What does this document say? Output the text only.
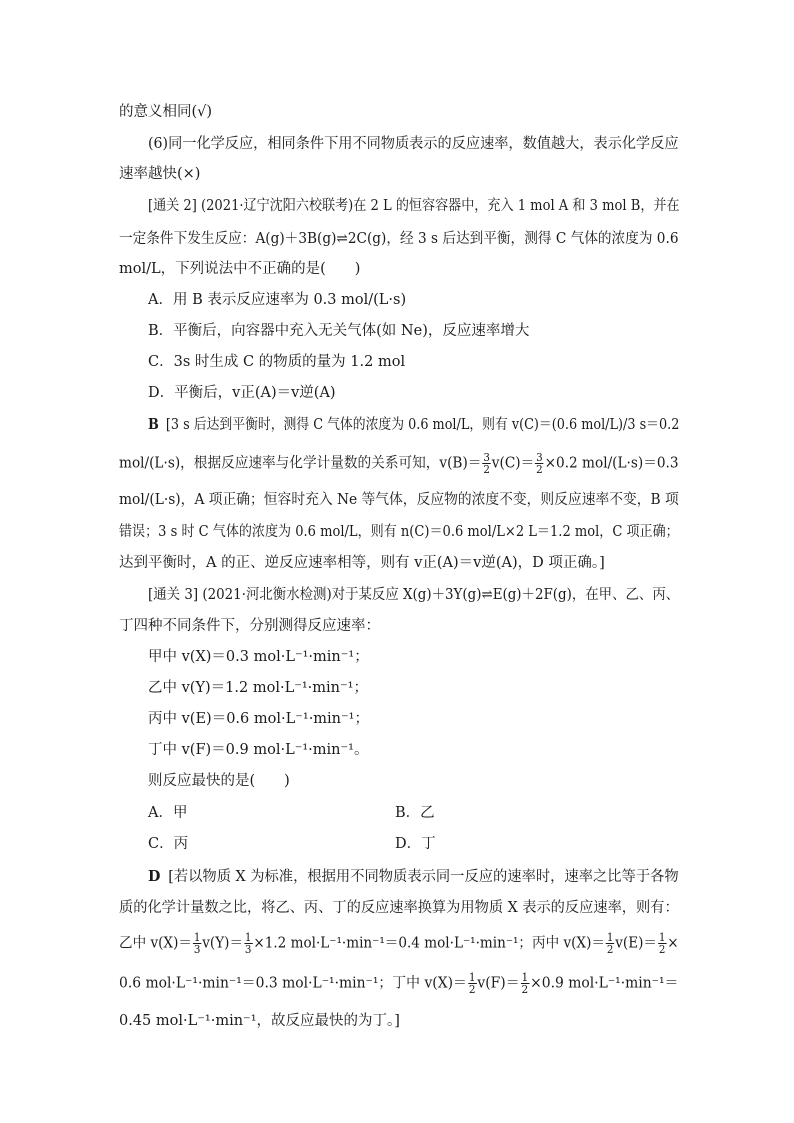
的意义相同(√)
(6)同一化学反应，相同条件下用不同物质表示的反应速率，数值越大，表示化学反应
速率越快(×)
[通关 2] (2021·辽宁沈阳六校联考)在 2 L 的恒容容器中，充入 1 mol A 和 3 mol B，并在
一定条件下发生反应：A(g)＋3B(g)⇌2C(g)，经 3 s 后达到平衡，测得 C 气体的浓度为 0.6
mol/L，下列说法中不正确的是(　　)
A．用 B 表示反应速率为 0.3 mol/(L·s)
B．平衡后，向容器中充入无关气体(如 Ne)，反应速率增大
C．3s 时生成 C 的物质的量为 1.2 mol
D．平衡后，v正(A)＝v逆(A)
B [3 s 后达到平衡时，测得 C 气体的浓度为 0.6 mol/L，则有 v(C)＝(0.6 mol/L)/3 s＝0.2
mol/(L·s)，根据反应速率与化学计量数的关系可知，$v(B)= \frac{3}{2} v(C)= \frac{3}{2} \times 0.2$ mol/(L·s)＝0.3
mol/(L·s)，A 项正确；恒容时充入 Ne 等气体，反应物的浓度不变，则反应速率不变，B 项
错误；3 s 时 C 气体的浓度为 0.6 mol/L，则有 n(C)＝0.6 mol/L×2 L＝1.2 mol，C 项正确；
达到平衡时，A 的正、逆反应速率相等，则有 v正(A)＝v逆(A)，D 项正确。]
[通关 3] (2021·河北衡水检测)对于某反应 X(g)＋3Y(g)⇌E(g)＋2F(g)，在甲、乙、丙、
丁四种不同条件下，分别测得反应速率：
甲中 v(X)＝0.3 mol·L⁻¹·min⁻¹；
乙中 v(Y)＝1.2 mol·L⁻¹·min⁻¹；
丙中 v(E)＝0.6 mol·L⁻¹·min⁻¹；
丁中 v(F)＝0.9 mol·L⁻¹·min⁻¹。
则反应最快的是(　　)
A．甲	B．乙
C．丙	D．丁
D [若以物质 X 为标准，根据用不同物质表示同一反应的速率时，速率之比等于各物
质的化学计量数之比，将乙、丙、丁的反应速率换算为用物质 X 表示的反应速率，则有：
乙中 $v(X)= \frac{1}{3} v(Y)= \frac{1}{3} \times 1.2$ mol·L⁻¹·min⁻¹＝0.4 mol·L⁻¹·min⁻¹；丙中 $v(X)= \frac{1}{2} v(E)= \frac{1}{2}$ ×
0.6 mol·L⁻¹·min⁻¹＝0.3 mol·L⁻¹·min⁻¹；丁中 $v(X)= \frac{1}{2} v(F)= \frac{1}{2} \times 0.9$ mol·L⁻¹·min⁻¹＝
0.45 mol·L⁻¹·min⁻¹，故反应最快的为丁。]
